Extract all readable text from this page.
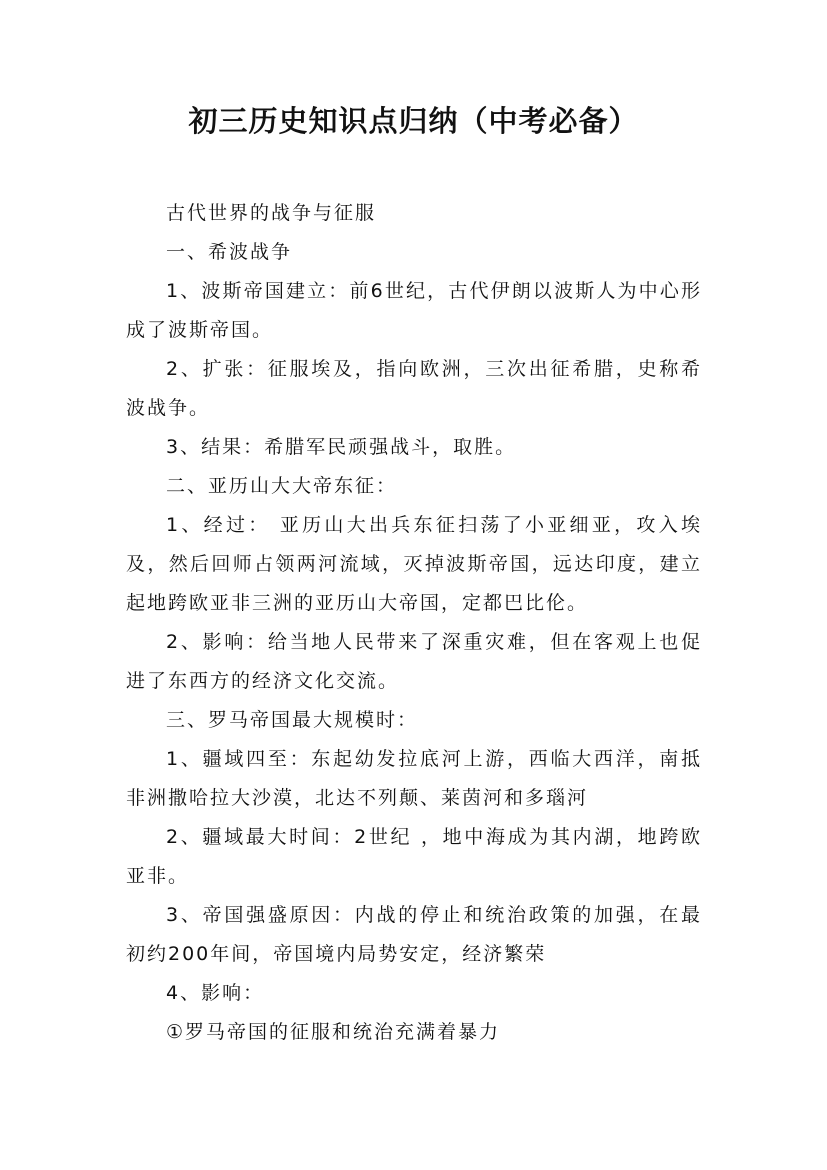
初三历史知识点归纳（中考必备）

古代世界的战争与征服

一、希波战争

1、波斯帝国建立：前6世纪，古代伊朗以波斯人为中心形成了波斯帝国。

2、扩张：征服埃及，指向欧洲，三次出征希腊，史称希波战争。

3、结果：希腊军民顽强战斗，取胜。

二、亚历山大大帝东征：

1、经过： 亚历山大出兵东征扫荡了小亚细亚，攻入埃及，然后回师占领两河流域，灭掉波斯帝国，远达印度，建立起地跨欧亚非三洲的亚历山大帝国，定都巴比伦。

2、影响：给当地人民带来了深重灾难，但在客观上也促进了东西方的经济文化交流。

三、罗马帝国最大规模时：

1、疆域四至：东起幼发拉底河上游，西临大西洋，南抵非洲撒哈拉大沙漠，北达不列颠、莱茵河和多瑙河

2、疆域最大时间：2世纪 ，地中海成为其内湖，地跨欧亚非。

3、帝国强盛原因：内战的停止和统治政策的加强，在最初约200年间，帝国境内局势安定，经济繁荣

4、影响：

①罗马帝国的征服和统治充满着暴力
